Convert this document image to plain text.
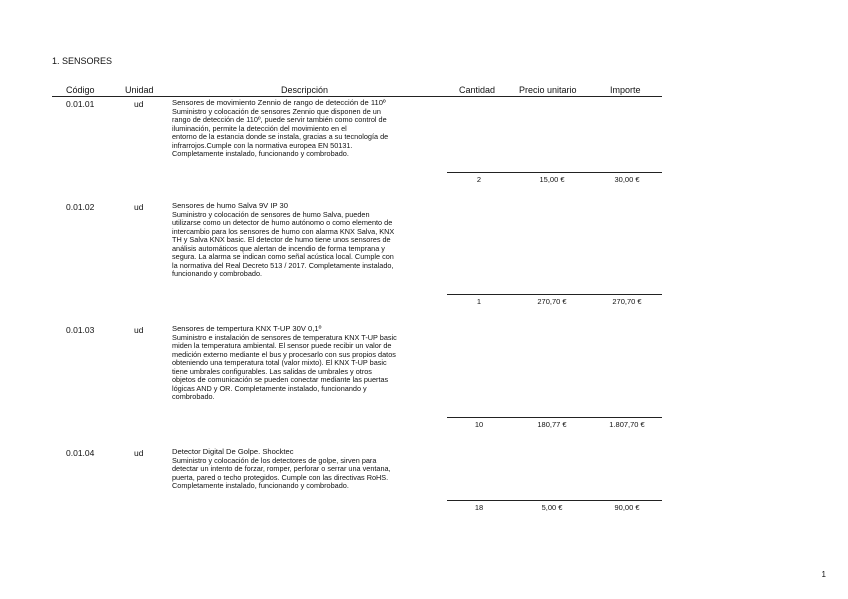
1. SENSORES
Código	Unidad	Descripción	Cantidad	Precio unitario	Importe
0.01.01	ud	Sensores de movimiento Zennio de rango de detección de 110º
Suministro y colocación de sensores Zennio que disponen de un
rango de detección de 110º, puede servir también como control de
iluminación, permite la detección del movimiento en el
entorno de la estancia donde se instala, gracias a su tecnología de
infrarrojos.Cumple con la normativa europea EN 50131.
Completamente instalado, funcionando y combrobado.
2	15,00 €	30,00 €
0.01.02	ud	Sensores de humo Salva 9V IP 30
Suministro y colocación de sensores de humo Salva, pueden
utilizarse como un detector de humo autónomo o como elemento de
intercambio para los sensores de humo con alarma KNX Salva, KNX
TH y Salva KNX basic. El detector de humo tiene unos sensores de
análisis automáticos que alertan de incendio de forma temprana y
segura. La alarma se indican como señal acústica local. Cumple con
la normativa del Real Decreto 513 / 2017. Completamente instalado,
funcionando y combrobado.
1	270,70 €	270,70 €
0.01.03	ud	Sensores de tempertura KNX T-UP 30V 0,1º
Suministro e instalación de sensores de temperatura KNX T-UP basic
miden la temperatura ambiental. El sensor puede recibir un valor de
medición externo mediante el bus y procesarlo con sus propios datos
obteniendo una temperatura total (valor mixto). El KNX T-UP basic
tiene umbrales configurables. Las salidas de umbrales y otros
objetos de comunicación se pueden conectar mediante las puertas
lógicas AND y OR. Completamente instalado, funcionando y
combrobado.
10	180,77 €	1.807,70 €
0.01.04	ud	Detector Digital De Golpe. Shocktec
Suministro y colocación de los detectores de golpe, sirven para
detectar un intento de forzar, romper, perforar o serrar una ventana,
puerta, pared o techo protegidos. Cumple con las directivas RoHS.
Completamente instalado, funcionando y combrobado.
18	5,00 €	90,00 €
1
